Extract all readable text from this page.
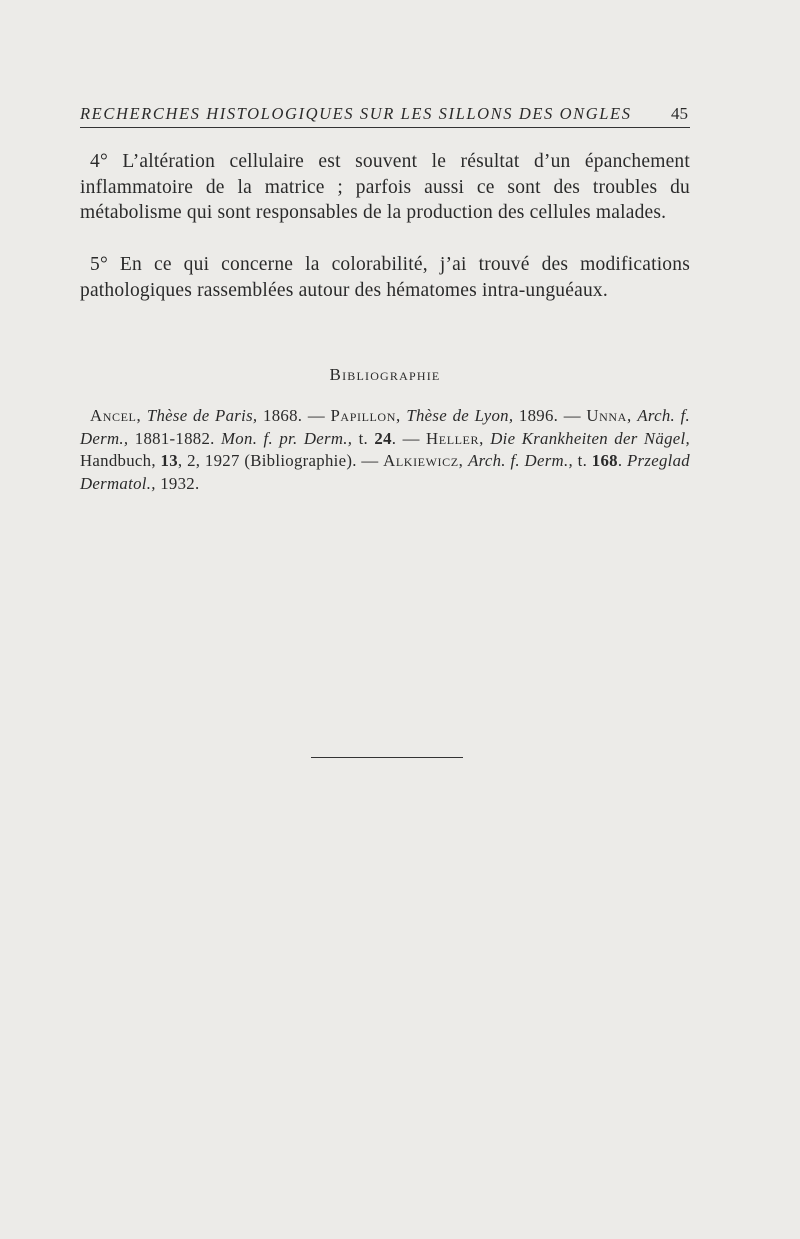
RECHERCHES HISTOLOGIQUES SUR LES SILLONS DES ONGLES 45

4° L’altération cellulaire est souvent le résultat d’un épanchement inflammatoire de la matrice ; parfois aussi ce sont des troubles du métabolisme qui sont responsables de la production des cellules malades.

5° En ce qui concerne la colorabilité, j’ai trouvé des modifications pathologiques rassemblées autour des hématomes intra-unguéaux.

Bibliographie

Ancel, Thèse de Paris, 1868. — Papillon, Thèse de Lyon, 1896. — Unna, Arch. f. Derm., 1881-1882. Mon. f. pr. Derm., t. 24. — Heller, Die Krankheiten der Nägel, Handbuch, 13, 2, 1927 (Bibliographie). — Alkiewicz, Arch. f. Derm., t. 168. Przeglad Dermatol., 1932.
